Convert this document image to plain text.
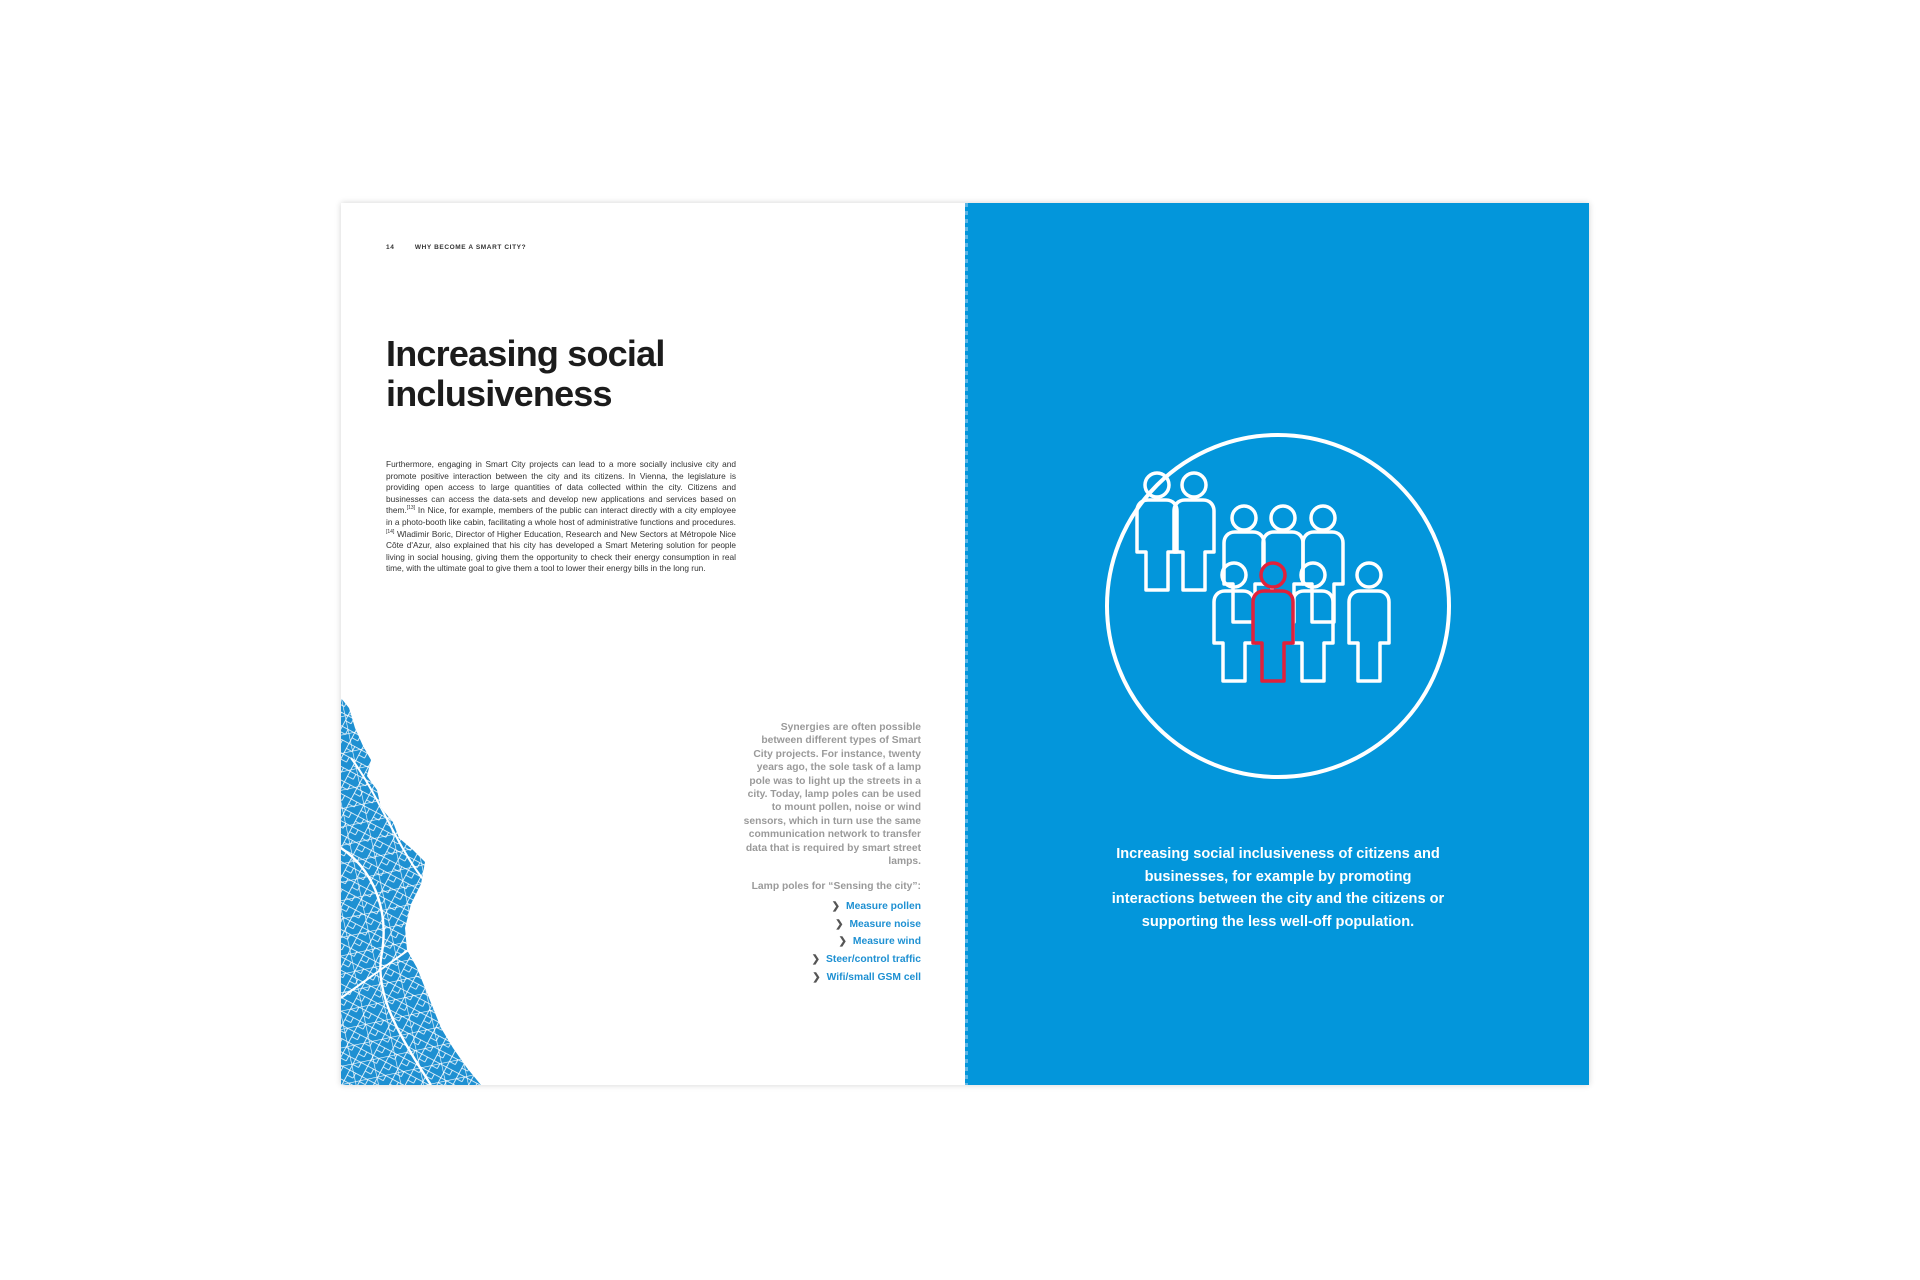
14	WHY BECOME A SMART CITY?
Increasing social inclusiveness

Furthermore, engaging in Smart City projects can lead to a more socially inclusive city and promote positive interaction between the city and its citizens. In Vienna, the legislature is providing open access to large quantities of data collected within the city. Citizens and businesses can access the data-sets and develop new applications and services based on them.[13] In Nice, for example, members of the public can interact directly with a city employee in a photo-booth like cabin, facilitating a whole host of administrative functions and procedures.[14] Wladimir Boric, Director of Higher Education, Research and New Sectors at Métropole Nice Côte d'Azur, also explained that his city has developed a Smart Metering solution for people living in social housing, giving them the opportunity to check their energy consumption in real time, with the ultimate goal to give them a tool to lower their energy bills in the long run.

Synergies are often possible between different types of Smart City projects. For instance, twenty years ago, the sole task of a lamp pole was to light up the streets in a city. Today, lamp poles can be used to mount pollen, noise or wind sensors, which in turn use the same communication network to transfer data that is required by smart street lamps.

Lamp poles for “Sensing the city”:

❯ Measure pollen
❯ Measure noise
❯ Measure wind
❯ Steer/control traffic
❯ Wifi/small GSM cell

Increasing social inclusiveness of citizens and businesses, for example by promoting interactions between the city and the citizens or supporting the less well-off population.
